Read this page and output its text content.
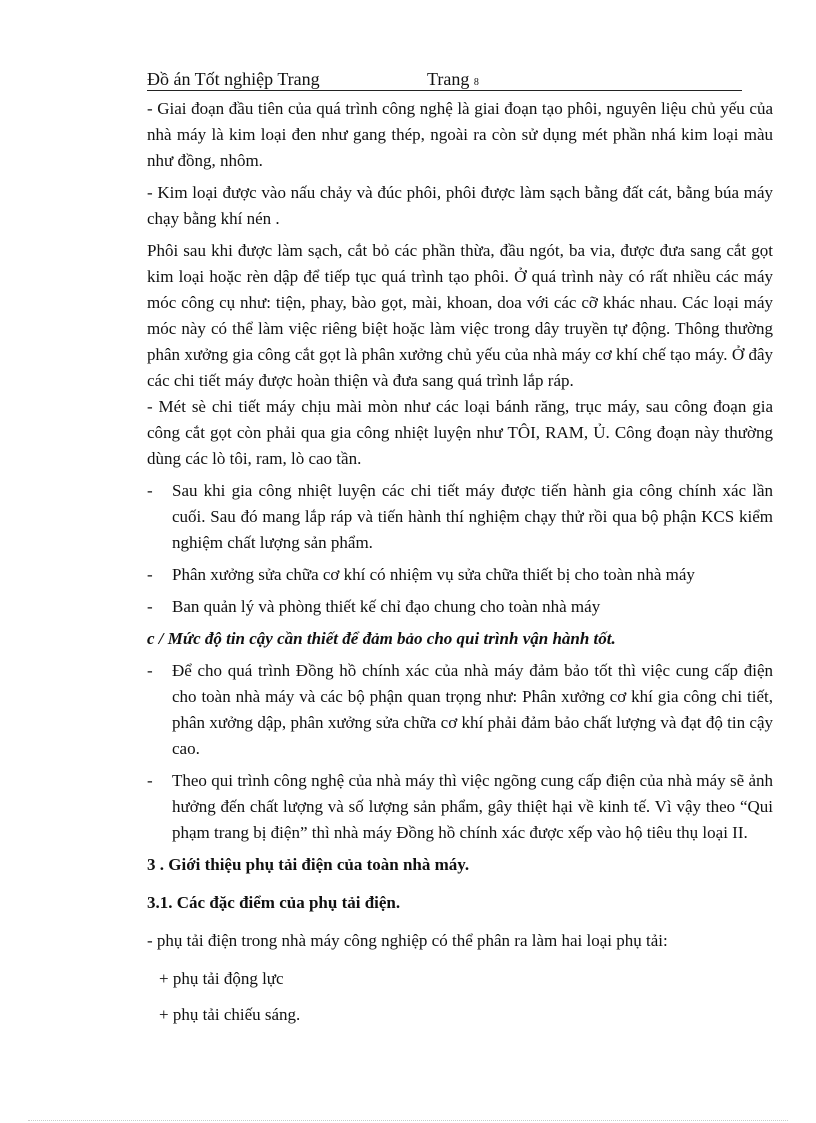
Đồ án Tốt nghiệp Trang	Trang 8

- Giai đoạn đầu tiên của quá trình công nghệ là giai đoạn tạo phôi, nguyên liệu chủ yếu của nhà máy là kim loại đen như gang thép, ngoài ra còn sử dụng mét phần nhá kim loại màu như đồng, nhôm.

- Kim loại được vào nấu chảy và đúc phôi, phôi được làm sạch bằng đất cát, bằng búa máy chạy bằng khí nén .

Phôi sau khi được làm sạch, cắt bỏ các phần thừa, đầu ngót, ba via, được đưa sang cắt gọt kim loại hoặc rèn dập để tiếp tục quá trình tạo phôi. Ở quá trình này có rất nhiều các máy móc công cụ như: tiện, phay, bào gọt, mài, khoan, doa với các cỡ khác nhau. Các loại máy móc này có thể làm việc riêng biệt hoặc làm việc trong dây truyền tự động. Thông thường phân xưởng gia công cắt gọt là phân xưởng chủ yếu của nhà máy cơ khí chế tạo máy. Ở đây các chi tiết máy được hoàn thiện và đưa sang quá trình lắp ráp.

- Mét sè chi tiết máy chịu mài mòn như các loại bánh răng, trục máy, sau công đoạn gia công cắt gọt còn phải qua gia công nhiệt luyện như TÔI, RAM, Ủ. Công đoạn này thường dùng các lò tôi, ram, lò cao tần.

- Sau khi gia công nhiệt luyện các chi tiết máy được tiến hành gia công chính xác lần cuối. Sau đó mang lắp ráp và tiến hành thí nghiệm chạy thử rồi qua bộ phận KCS kiểm nghiệm chất lượng sản phẩm.
- Phân xưởng sửa chữa cơ khí có nhiệm vụ sửa chữa thiết bị cho toàn nhà máy
- Ban quản lý và phòng thiết kế chỉ đạo chung cho toàn nhà máy

c / Mức độ tin cậy cần thiết để đảm bảo cho qui trình vận hành tốt.

- Để cho quá trình Đồng hồ chính xác của nhà máy đảm bảo tốt thì việc cung cấp điện cho toàn nhà máy và các bộ phận quan trọng như: Phân xưởng cơ khí gia công chi tiết, phân xưởng dập, phân xưởng sửa chữa cơ khí phải đảm bảo chất lượng và đạt độ tin cậy cao.
- Theo qui trình công nghệ của nhà máy thì việc ngõng cung cấp điện của nhà máy sẽ ảnh hưởng đến chất lượng và số lượng sản phẩm, gây thiệt hại về kinh tế. Vì vậy theo “Qui phạm trang bị điện” thì nhà máy Đồng hồ chính xác được xếp vào hộ tiêu thụ loại II.

3 . Giới thiệu phụ tải điện của toàn nhà máy.

3.1. Các đặc điểm của phụ tải điện.

- phụ tải điện trong nhà máy công nghiệp có thể phân ra làm hai loại phụ tải:

+ phụ tải động lực

+ phụ tải chiếu sáng.
